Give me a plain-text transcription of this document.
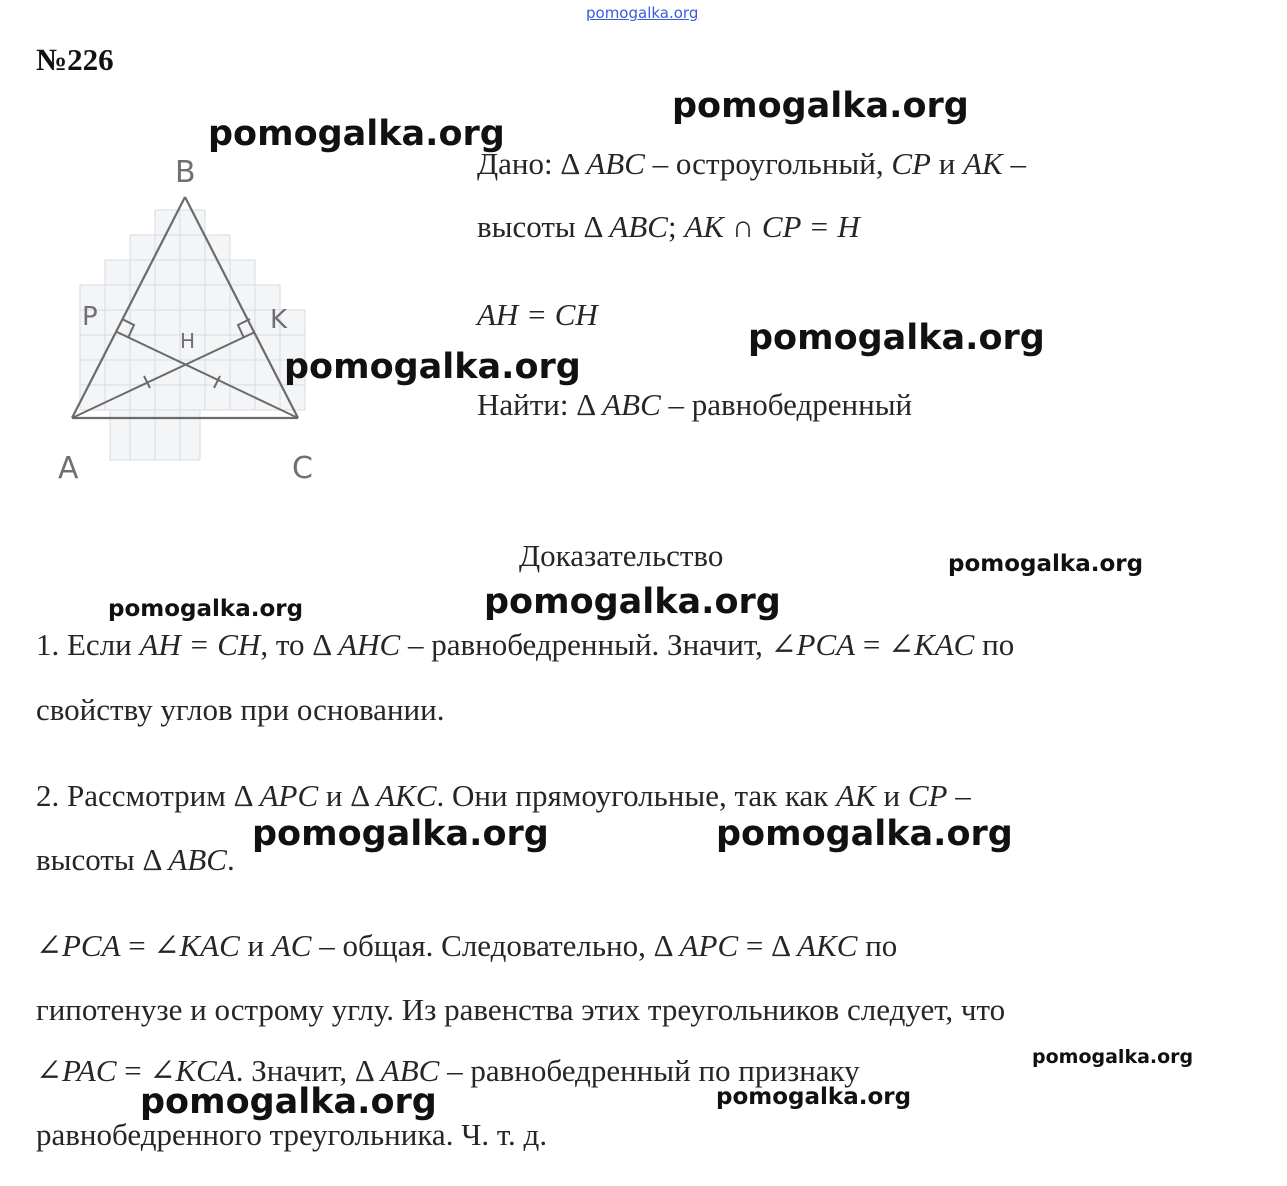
pomogalka.org
№226
B
P	K
H
A	C
Дано: Δ ABC – остроугольный, CP и AK –
высоты Δ ABC; AK ∩ CP = H
AH = CH
Найти: Δ ABC – равнобедренный
Доказательство
1. Если AH = CH, то Δ AHC – равнобедренный. Значит, ∠PCA = ∠KAC по
свойству углов при основании.
2. Рассмотрим Δ APC и Δ AKC. Они прямоугольные, так как AK и CP –
высоты Δ ABC.
∠PCA = ∠KAC и AC – общая. Следовательно, Δ APC = Δ AKC по
гипотенузе и острому углу. Из равенства этих треугольников следует, что
∠PAC = ∠KCA. Значит, Δ ABC – равнобедренный по признаку
равнобедренного треугольника. Ч. т. д.
pomogalka.org
pomogalka.org
pomogalka.org
pomogalka.org
pomogalka.org
pomogalka.org
pomogalka.org
pomogalka.org	pomogalka.org
pomogalka.org
pomogalka.org	pomogalka.org
